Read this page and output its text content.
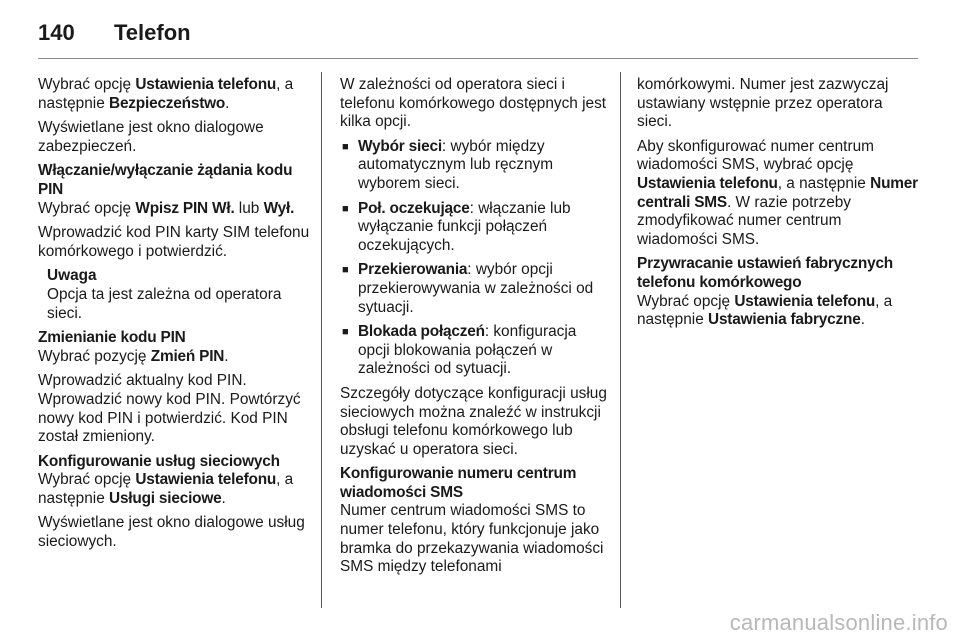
140	Telefon

Wybrać opcję Ustawienia telefonu, a następnie Bezpieczeństwo.

Wyświetlane jest okno dialogowe zabezpieczeń.

Włączanie/wyłączanie żądania kodu PIN

Wybrać opcję Wpisz PIN Wł. lub Wył.

Wprowadzić kod PIN karty SIM telefonu komórkowego i potwierdzić.

Uwaga
Opcja ta jest zależna od operatora sieci.
Zmienianie kodu PIN

Wybrać pozycję Zmień PIN.

Wprowadzić aktualny kod PIN. Wprowadzić nowy kod PIN. Powtórzyć nowy kod PIN i potwierdzić. Kod PIN został zmieniony.

Konfigurowanie usług sieciowych

Wybrać opcję Ustawienia telefonu, a następnie Usługi sieciowe.

Wyświetlane jest okno dialogowe usług sieciowych.

W zależności od operatora sieci i telefonu komórkowego dostępnych jest kilka opcji.

■ Wybór sieci: wybór między automatycznym lub ręcznym wyborem sieci.
■ Poł. oczekujące: włączanie lub wyłączanie funkcji połączeń oczekujących.
■ Przekierowania: wybór opcji przekierowywania w zależności od sytuacji.
■ Blokada połączeń: konfiguracja opcji blokowania połączeń w zależności od sytuacji.

Szczegóły dotyczące konfiguracji usług sieciowych można znaleźć w instrukcji obsługi telefonu komórkowego lub uzyskać u operatora sieci.

Konfigurowanie numeru centrum wiadomości SMS

Numer centrum wiadomości SMS to numer telefonu, który funkcjonuje jako bramka do przekazywania wiadomości SMS między telefonami

komórkowymi. Numer jest zazwyczaj ustawiany wstępnie przez operatora sieci.

Aby skonfigurować numer centrum wiadomości SMS, wybrać opcję Ustawienia telefonu, a następnie Numer centrali SMS. W razie potrzeby zmodyfikować numer centrum wiadomości SMS.

Przywracanie ustawień fabrycznych telefonu komórkowego

Wybrać opcję Ustawienia telefonu, a następnie Ustawienia fabryczne.

carmanualsonline.info
